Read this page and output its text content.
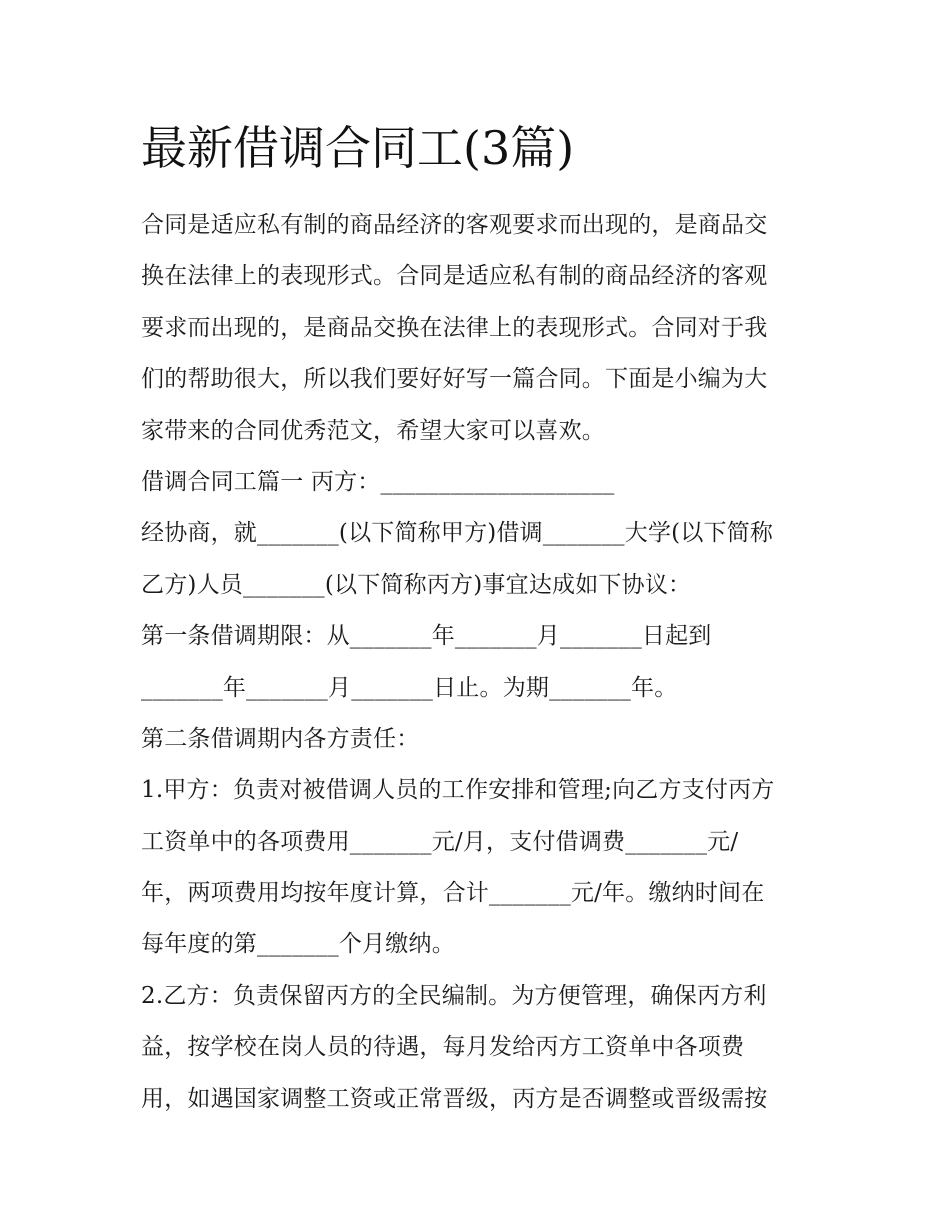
最新借调合同工(3篇)
合同是适应私有制的商品经济的客观要求而出现的，是商品交
换在法律上的表现形式。合同是适应私有制的商品经济的客观
要求而出现的，是商品交换在法律上的表现形式。合同对于我
们的帮助很大，所以我们要好好写一篇合同。下面是小编为大
家带来的合同优秀范文，希望大家可以喜欢。
借调合同工篇一 丙方：____________________
经协商，就_______(以下简称甲方)借调_______大学(以下简称
乙方)人员_______(以下简称丙方)事宜达成如下协议：
第一条借调期限：从_______年_______月_______日起到
_______年_______月_______日止。为期_______年。
第二条借调期内各方责任：
1.甲方：负责对被借调人员的工作安排和管理;向乙方支付丙方
工资单中的各项费用_______元/月，支付借调费_______元/
年，两项费用均按年度计算，合计_______元/年。缴纳时间在
每年度的第_______个月缴纳。
2.乙方：负责保留丙方的全民编制。为方便管理，确保丙方利
益，按学校在岗人员的待遇，每月发给丙方工资单中各项费
用，如遇国家调整工资或正常晋级，丙方是否调整或晋级需按
